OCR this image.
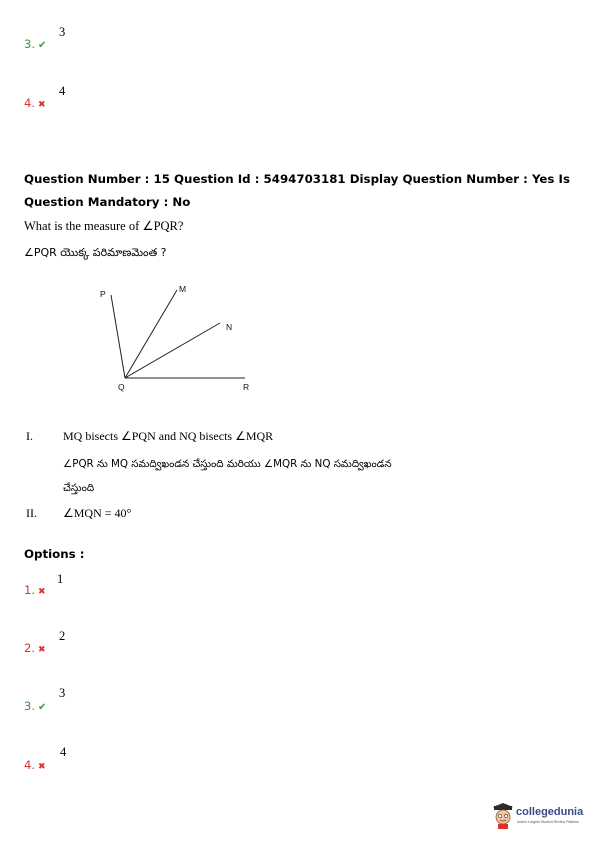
3. ✔
3
4. ✖
4
Question Number : 15 Question Id : 5494703181 Display Question Number : Yes Is Question Mandatory : No
What is the measure of ∠PQR?
∠PQR యొక్క పరిమాణమెంత ?
P	M
N
Q	R
I.	MQ bisects ∠PQN and NQ bisects ∠MQR
∠PQR ను MQ సమద్విఖండన చేస్తుంది మరియు ∠MQR ను NQ సమద్విఖండన
చేస్తుంది
II. ∠MQN = 40°
Options :
1. ✖
1
2. ✖
2
3. ✔
3
4. ✖
4
collegedunia
India's Largest Student Review Platform
